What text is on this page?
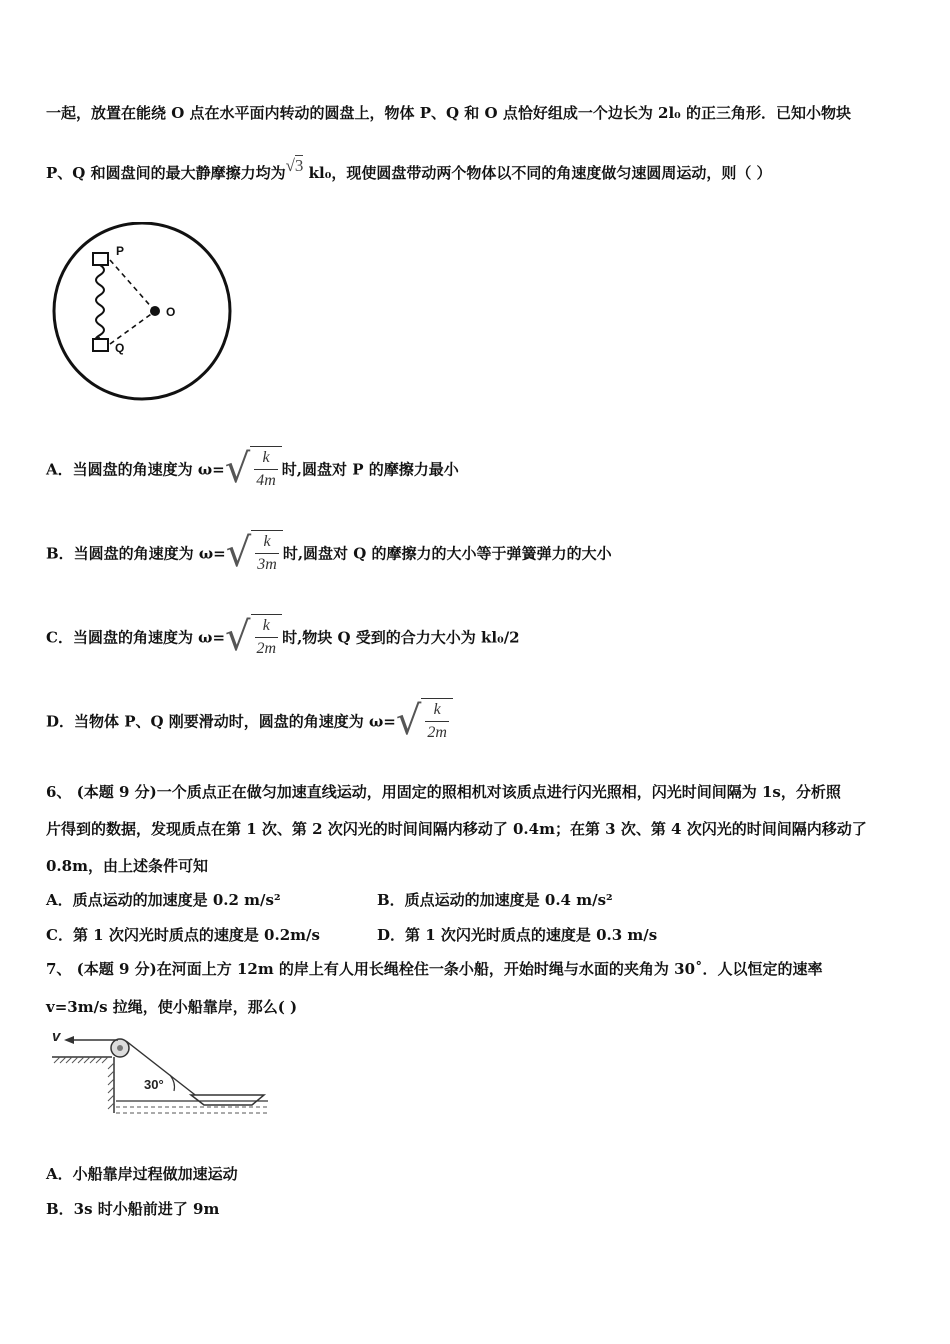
一起，放置在能绕 O 点在水平面内转动的圆盘上，物体 P、Q 和 O 点恰好组成一个边长为 2l₀ 的正三角形．已知小物块
P、Q 和圆盘间的最大静摩擦力均为√3 kl₀，现使圆盘带动两个物体以不同的角速度做匀速圆周运动，则（ ）
P
Q
O
A．当圆盘的角速度为 $\omega=√ \frac{k}{4m}$ 时,圆盘对 P 的摩擦力最小
B．当圆盘的角速度为 $\omega=√ \frac{k}{3m}$ 时,圆盘对 Q 的摩擦力的大小等于弹簧弹力的大小
C．当圆盘的角速度为 $\omega=√ \frac{k}{2m}$ 时,物块 Q 受到的合力大小为 kl₀/2
D．当物体 P、Q 刚要滑动时，圆盘的角速度为 $\omega=√ \frac{k}{2m}$
6、 (本题 9 分)一个质点正在做匀加速直线运动，用固定的照相机对该质点进行闪光照相，闪光时间间隔为 1s，分析照
片得到的数据，发现质点在第 1 次、第 2 次闪光的时间间隔内移动了 0.4m；在第 3 次、第 4 次闪光的时间间隔内移动了
0.8m，由上述条件可知
A．质点运动的加速度是 0.2 m/s²	B．质点运动的加速度是 0.4 m/s²
C．第 1 次闪光时质点的速度是 0.2m/s	D．第 1 次闪光时质点的速度是 0.3 m/s
7、 (本题 9 分)在河面上方 12m 的岸上有人用长绳栓住一条小船，开始时绳与水面的夹角为 30˚．人以恒定的速率
v=3m/s 拉绳，使小船靠岸，那么( )
v
30°
A．小船靠岸过程做加速运动
B．3s 时小船前进了 9m
